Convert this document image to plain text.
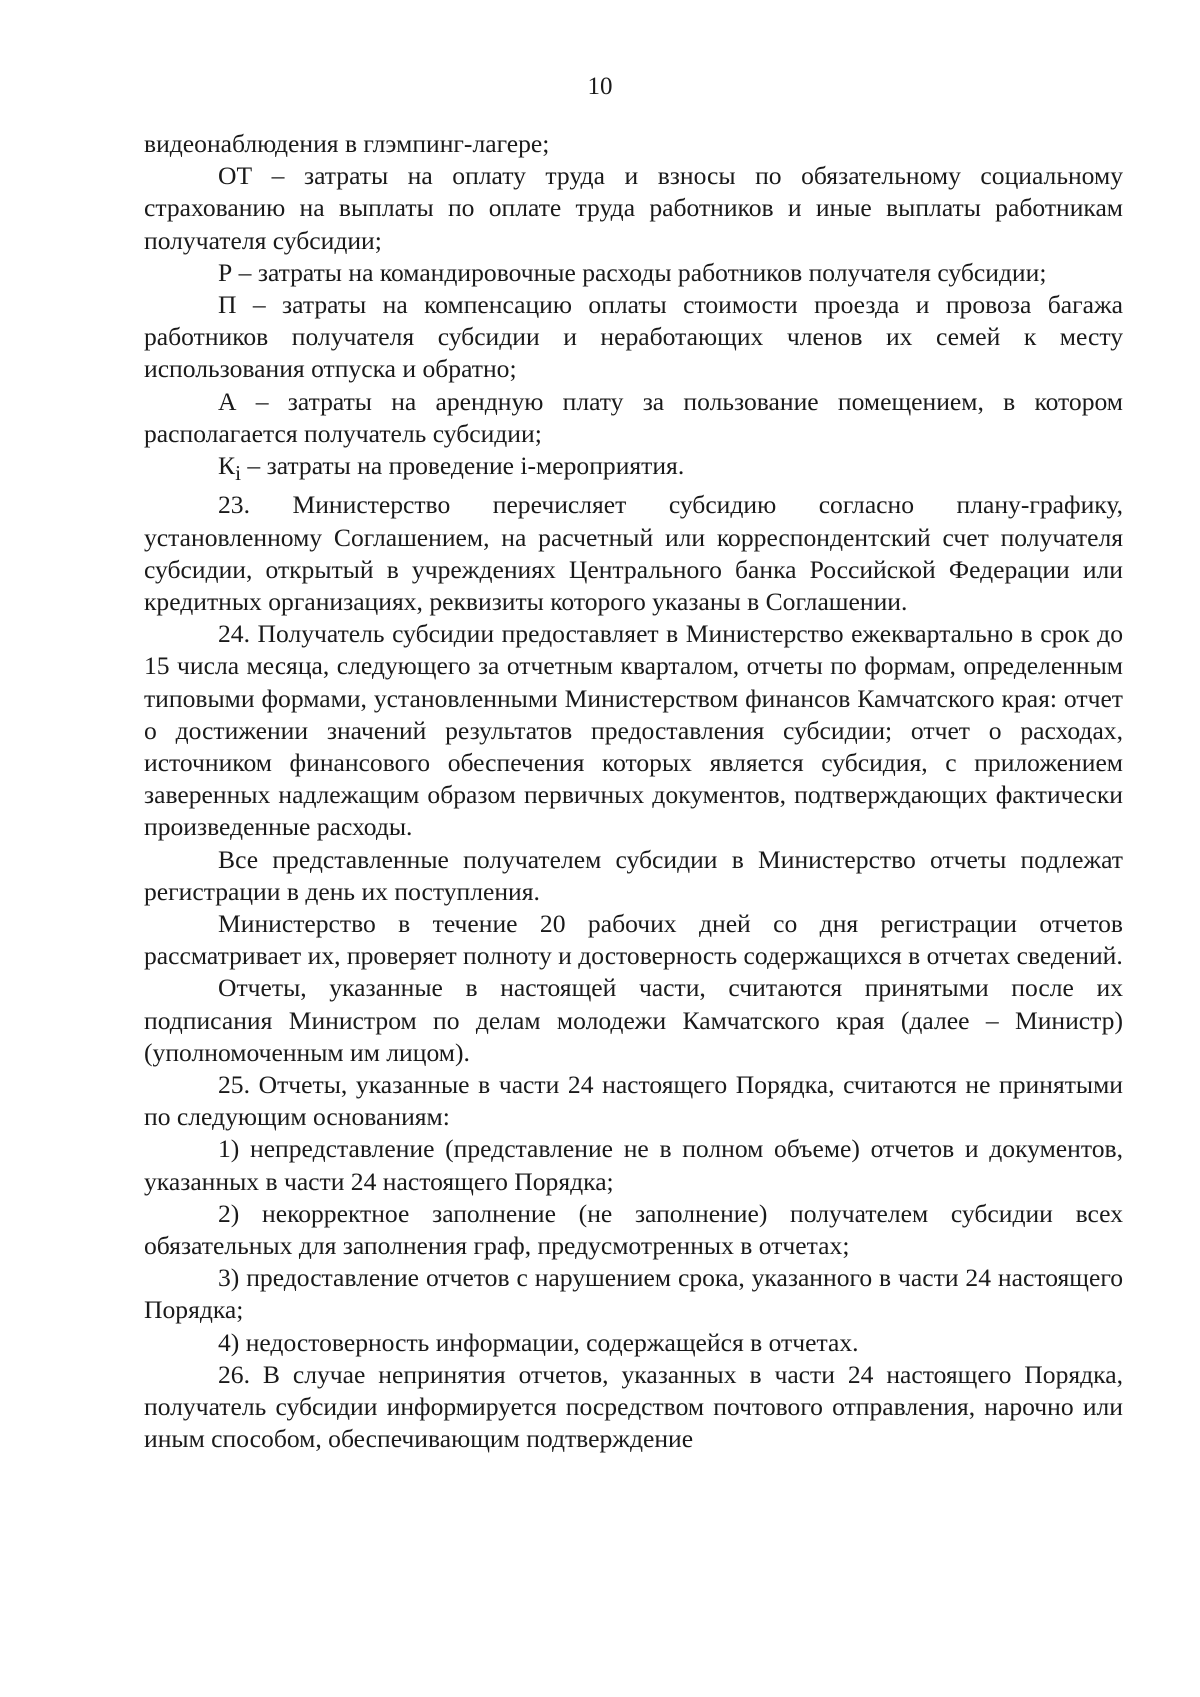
10

видеонаблюдения в глэмпинг-лагере;

ОТ – затраты на оплату труда и взносы по обязательному социальному страхованию на выплаты по оплате труда работников и иные выплаты работникам получателя субсидии;

Р – затраты на командировочные расходы работников получателя субсидии;

П – затраты на компенсацию оплаты стоимости проезда и провоза багажа работников получателя субсидии и неработающих членов их семей к месту использования отпуска и обратно;

А – затраты на арендную плату за пользование помещением, в котором располагается получатель субсидии;

$К_i$ – затраты на проведение i-мероприятия.

23. Министерство перечисляет субсидию согласно плану-графику, установленному Соглашением, на расчетный или корреспондентский счет получателя субсидии, открытый в учреждениях Центрального банка Российской Федерации или кредитных организациях, реквизиты которого указаны в Соглашении.

24. Получатель субсидии предоставляет в Министерство ежеквартально в срок до 15 числа месяца, следующего за отчетным кварталом, отчеты по формам, определенным типовыми формами, установленными Министерством финансов Камчатского края: отчет о достижении значений результатов предоставления субсидии; отчет о расходах, источником финансового обеспечения которых является субсидия, с приложением заверенных надлежащим образом первичных документов, подтверждающих фактически произведенные расходы.

Все представленные получателем субсидии в Министерство отчеты подлежат регистрации в день их поступления.

Министерство в течение 20 рабочих дней со дня регистрации отчетов рассматривает их, проверяет полноту и достоверность содержащихся в отчетах сведений.

Отчеты, указанные в настоящей части, считаются принятыми после их подписания Министром по делам молодежи Камчатского края (далее – Министр) (уполномоченным им лицом).

25. Отчеты, указанные в части 24 настоящего Порядка, считаются не принятыми по следующим основаниям:

1) непредставление (представление не в полном объеме) отчетов и документов, указанных в части 24 настоящего Порядка;

2) некорректное заполнение (не заполнение) получателем субсидии всех обязательных для заполнения граф, предусмотренных в отчетах;

3) предоставление отчетов с нарушением срока, указанного в части 24 настоящего Порядка;

4) недостоверность информации, содержащейся в отчетах.

26. В случае непринятия отчетов, указанных в части 24 настоящего Порядка, получатель субсидии информируется посредством почтового отправления, нарочно или иным способом, обеспечивающим подтверждение
